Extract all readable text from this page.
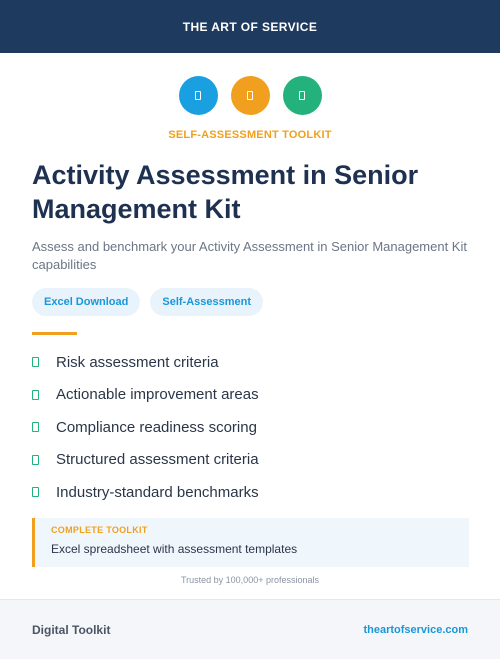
THE ART OF SERVICE
SELF-ASSESSMENT TOOLKIT
Activity Assessment in Senior Management Kit

Assess and benchmark your Activity Assessment in Senior Management Kit capabilities

Excel Download	Self-Assessment
Risk assessment criteria
Actionable improvement areas
Compliance readiness scoring
Structured assessment criteria
Industry-standard benchmarks
COMPLETE TOOLKIT
Excel spreadsheet with assessment templates
Trusted by 100,000+ professionals
Digital Toolkit	theartofservice.com
